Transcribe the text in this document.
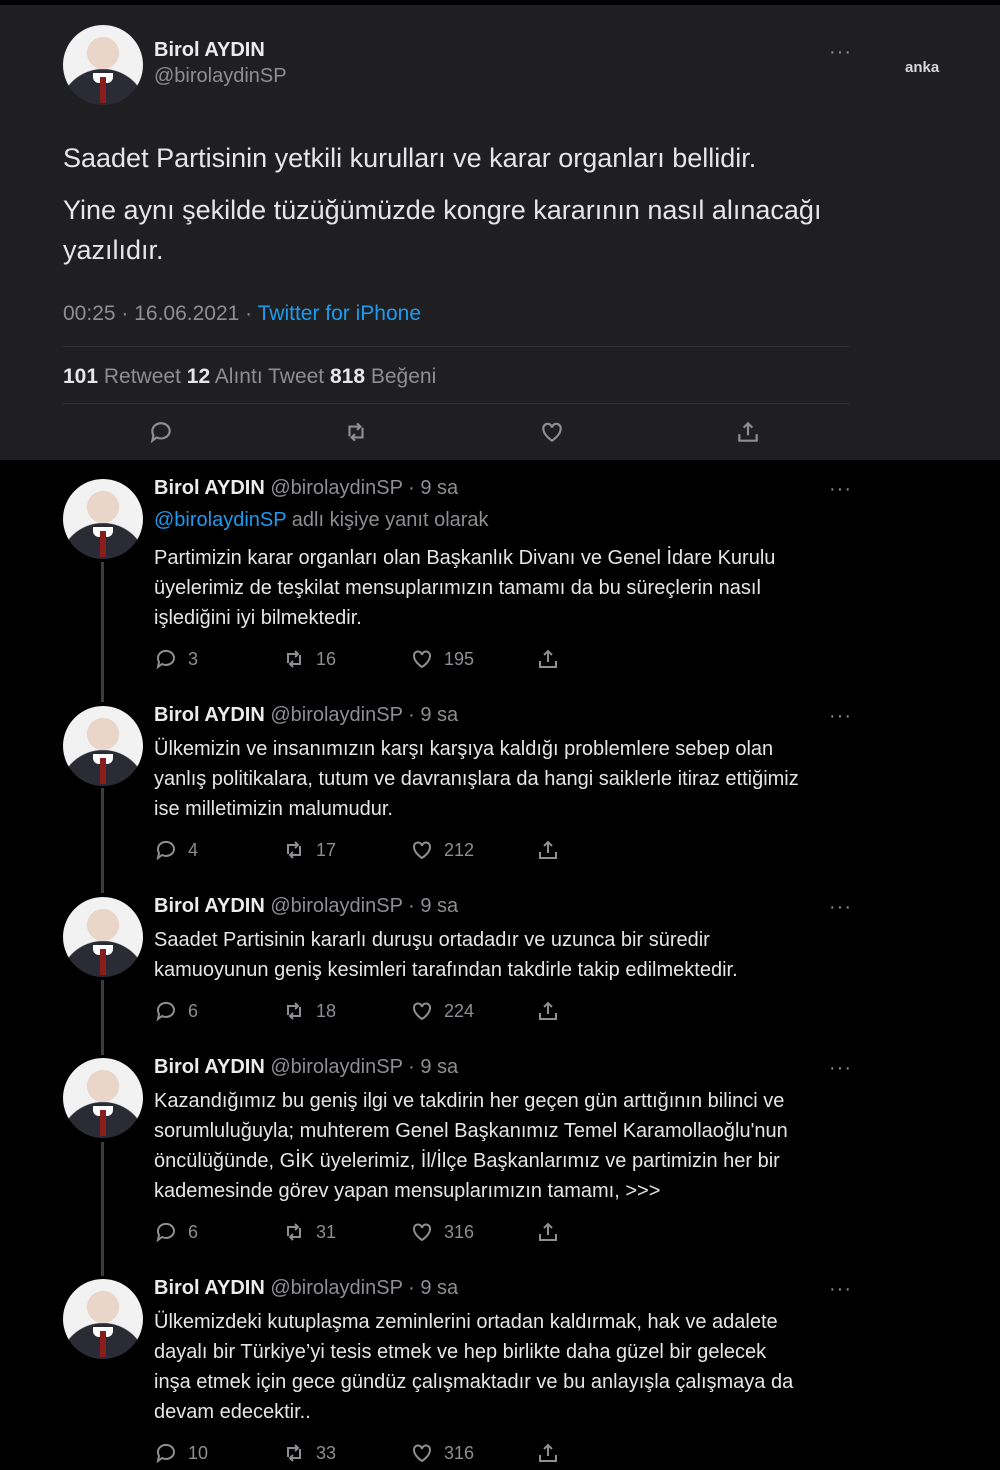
Birol AYDIN
@birolaydinSP
···
anka
Saadet Partisinin yetkili kurulları ve karar organları bellidir.
Yine aynı şekilde tüzüğümüzde kongre kararının nasıl alınacağı
yazılıdır.
00:25 · 16.06.2021 · Twitter for iPhone
101 Retweet 12 Alıntı Tweet 818 Beğeni
Birol AYDIN @birolaydinSP · 9 sa	···
@birolaydinSP adlı kişiye yanıt olarak
Partimizin karar organları olan Başkanlık Divanı ve Genel İdare Kurulu
üyelerimiz de teşkilat mensuplarımızın tamamı da bu süreçlerin nasıl
işlediğini iyi bilmektedir.
3	16	195
Birol AYDIN @birolaydinSP · 9 sa	···
Ülkemizin ve insanımızın karşı karşıya kaldığı problemlere sebep olan
yanlış politikalara, tutum ve davranışlara da hangi saiklerle itiraz ettiğimiz
ise milletimizin malumudur.
4	17	212
Birol AYDIN @birolaydinSP · 9 sa	···
Saadet Partisinin kararlı duruşu ortadadır ve uzunca bir süredir
kamuoyunun geniş kesimleri tarafından takdirle takip edilmektedir.
6	18	224
Birol AYDIN @birolaydinSP · 9 sa	···
Kazandığımız bu geniş ilgi ve takdirin her geçen gün arttığının bilinci ve
sorumluluğuyla; muhterem Genel Başkanımız Temel Karamollaoğlu'nun
öncülüğünde, GİK üyelerimiz, İl/İlçe Başkanlarımız ve partimizin her bir
kademesinde görev yapan mensuplarımızın tamamı, >>>
6	31	316
Birol AYDIN @birolaydinSP · 9 sa	···
Ülkemizdeki kutuplaşma zeminlerini ortadan kaldırmak, hak ve adalete
dayalı bir Türkiye’yi tesis etmek ve hep birlikte daha güzel bir gelecek
inşa etmek için gece gündüz çalışmaktadır ve bu anlayışla çalışmaya da
devam edecektir..
10	33	316
